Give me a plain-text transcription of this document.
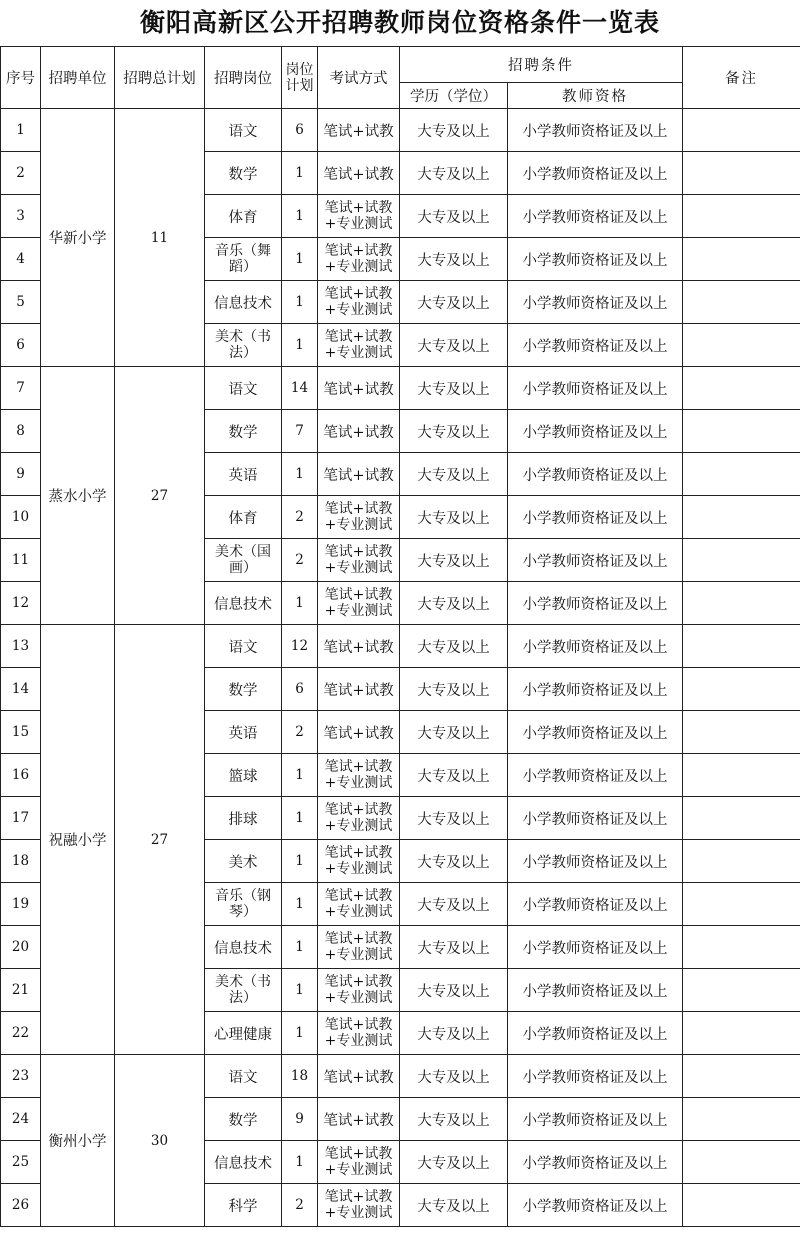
衡阳高新区公开招聘教师岗位资格条件一览表
序号	招聘单位	招聘总计划	招聘岗位	岗位计划	考试方式	招聘条件		备注
						学历（学位）	教师资格	
1	华新小学	11	语文	6	笔试+试教	大专及以上	小学教师资格证及以上	
2			数学	1	笔试+试教	大专及以上	小学教师资格证及以上	
3			体育	1	笔试+试教+专业测试	大专及以上	小学教师资格证及以上	
4			音乐（舞蹈）	1	笔试+试教+专业测试	大专及以上	小学教师资格证及以上	
5			信息技术	1	笔试+试教+专业测试	大专及以上	小学教师资格证及以上	
6			美术（书法）	1	笔试+试教+专业测试	大专及以上	小学教师资格证及以上	
7	蒸水小学	27	语文	14	笔试+试教	大专及以上	小学教师资格证及以上	
8			数学	7	笔试+试教	大专及以上	小学教师资格证及以上	
9			英语	1	笔试+试教	大专及以上	小学教师资格证及以上	
10			体育	2	笔试+试教+专业测试	大专及以上	小学教师资格证及以上	
11			美术（国画）	2	笔试+试教+专业测试	大专及以上	小学教师资格证及以上	
12			信息技术	1	笔试+试教+专业测试	大专及以上	小学教师资格证及以上	
13	祝融小学	27	语文	12	笔试+试教	大专及以上	小学教师资格证及以上	
14			数学	6	笔试+试教	大专及以上	小学教师资格证及以上	
15			英语	2	笔试+试教	大专及以上	小学教师资格证及以上	
16			篮球	1	笔试+试教+专业测试	大专及以上	小学教师资格证及以上	
17			排球	1	笔试+试教+专业测试	大专及以上	小学教师资格证及以上	
18			美术	1	笔试+试教+专业测试	大专及以上	小学教师资格证及以上	
19			音乐（钢琴）	1	笔试+试教+专业测试	大专及以上	小学教师资格证及以上	
20			信息技术	1	笔试+试教+专业测试	大专及以上	小学教师资格证及以上	
21			美术（书法）	1	笔试+试教+专业测试	大专及以上	小学教师资格证及以上	
22			心理健康	1	笔试+试教+专业测试	大专及以上	小学教师资格证及以上	
23	衡州小学	30	语文	18	笔试+试教	大专及以上	小学教师资格证及以上	
24			数学	9	笔试+试教	大专及以上	小学教师资格证及以上	
25			信息技术	1	笔试+试教+专业测试	大专及以上	小学教师资格证及以上	
26			科学	2	笔试+试教+专业测试	大专及以上	小学教师资格证及以上	
